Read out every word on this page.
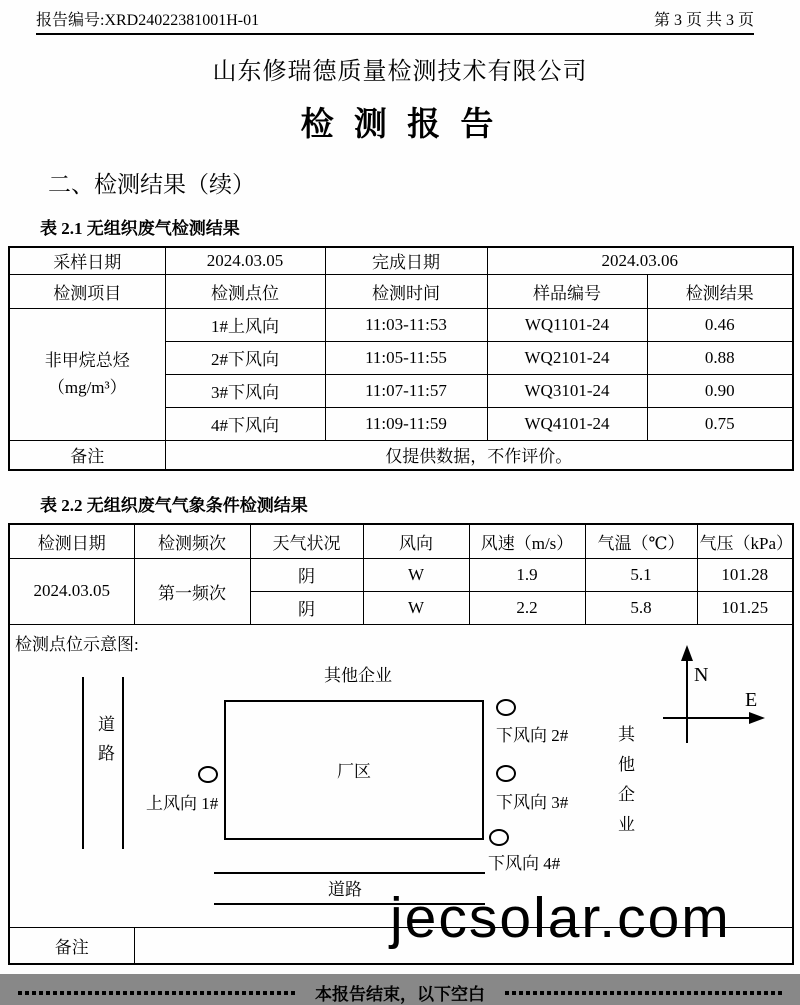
报告编号:XRD24022381001H-01	第 3 页 共 3 页
山东修瑞德质量检测技术有限公司
检 测 报 告
二、检测结果（续）
表 2.1 无组织废气检测结果
采样日期	2024.03.05	完成日期	2024.03.06	
检测项目	检测点位	检测时间	样品编号	检测结果

非甲烷总烃
（mg/m³）	1#上风向	11:03-11:53	WQ1101-24	0.46
	2#下风向	11:05-11:55	WQ2101-24	0.88
	3#下风向	11:07-11:57	WQ3101-24	0.90
	4#下风向	11:09-11:59	WQ4101-24	0.75
备注	仅提供数据，不作评价。			
表 2.2 无组织废气气象条件检测结果
检测日期	检测频次	天气状况	风向	风速（m/s）	气温（℃）	气压（kPa）
2024.03.05	第一频次	阴	W	1.9	5.1	101.28
		阴	W	2.2	5.8	101.25

检测点位示意图:
其他企业
道路	厂区
上风向 1#
下风向 2#
下风向 3#
下风向 4#
其他企业
N
E
道路

备注						
本报告结束，以下空白
jecsolar.com
